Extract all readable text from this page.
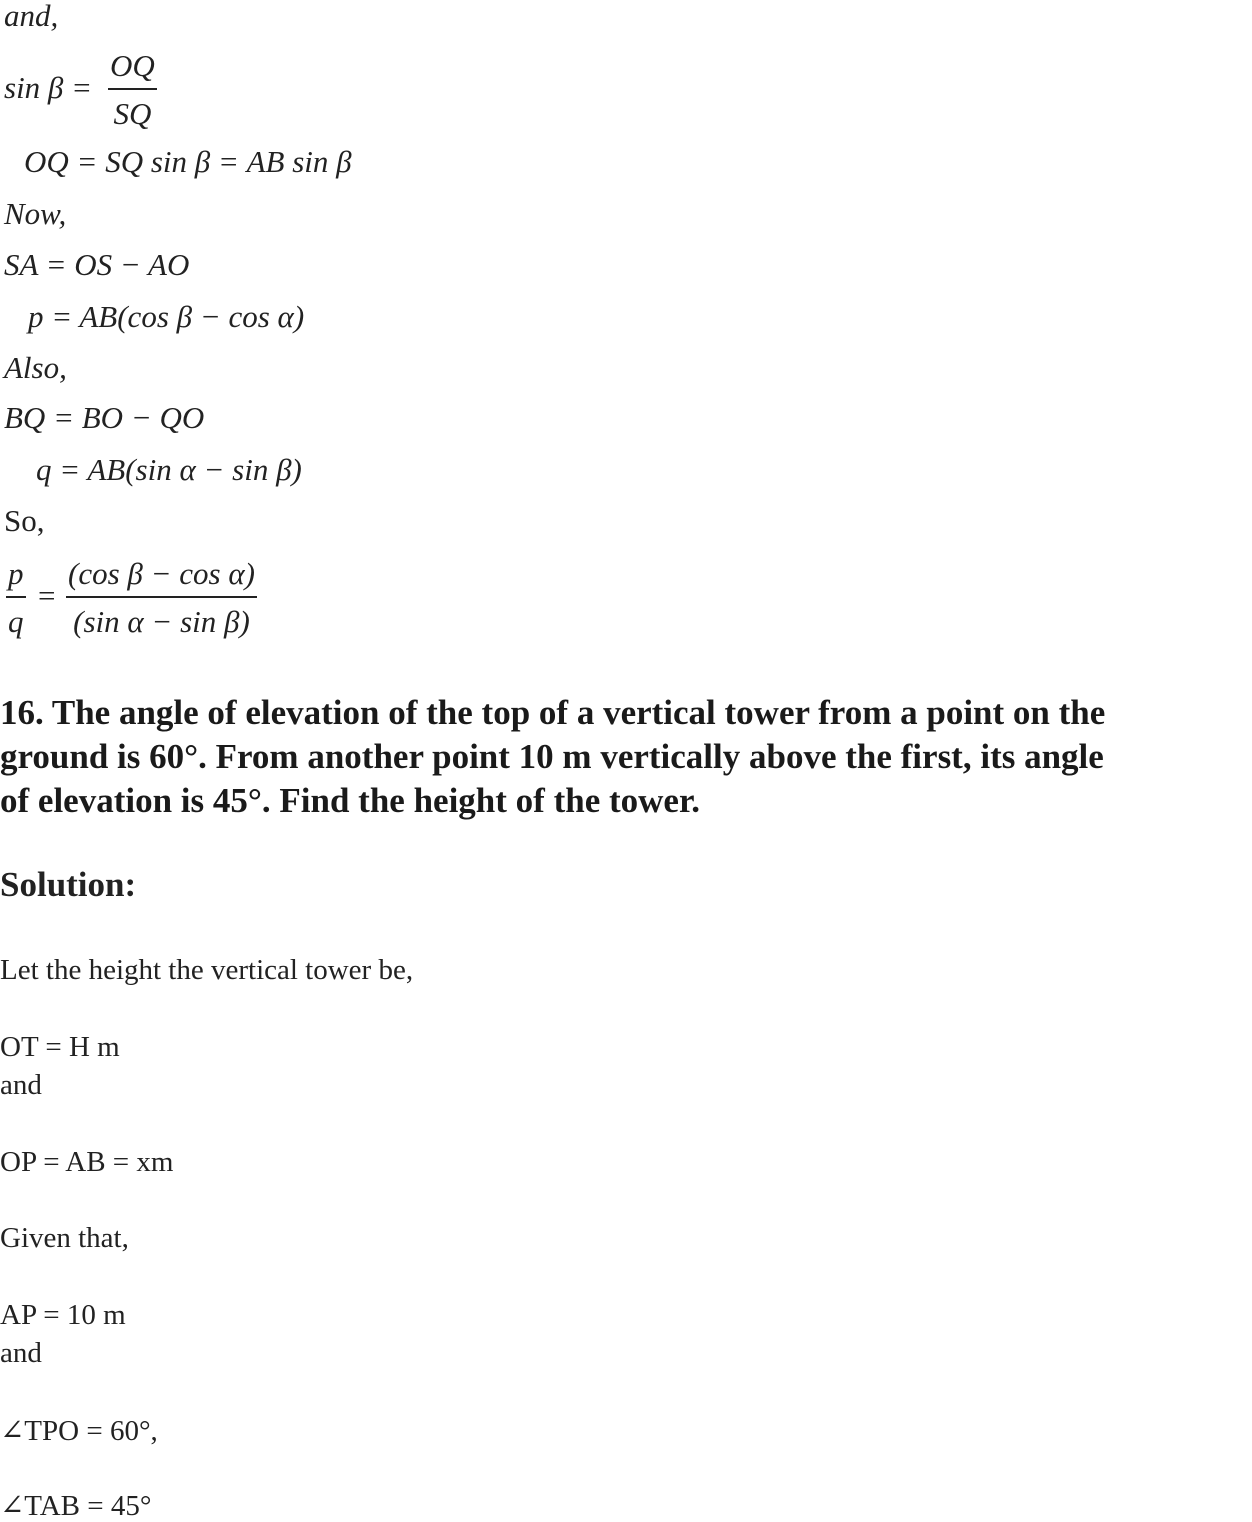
and,
$\sin \beta = \frac{OQ}{SQ}$
OQ = SQ sin β = AB sin β
Now,
SA = OS − AO
p = AB(cos β − cos α)
Also,
BQ = BO − QO
q = AB(sin α − sin β)
So,
$\frac{p}{q} = \frac{\text{(cos β − cos α)}}{\text{(sin α − sin β)}}$
16. The angle of elevation of the top of a vertical tower from a point on the
ground is 60°. From another point 10 m vertically above the first, its angle
of elevation is 45°. Find the height of the tower.
Solution:
Let the height the vertical tower be,
OT = H m
and
OP = AB = xm
Given that,
AP = 10 m
and
∠TPO = 60°,
∠TAB = 45°
